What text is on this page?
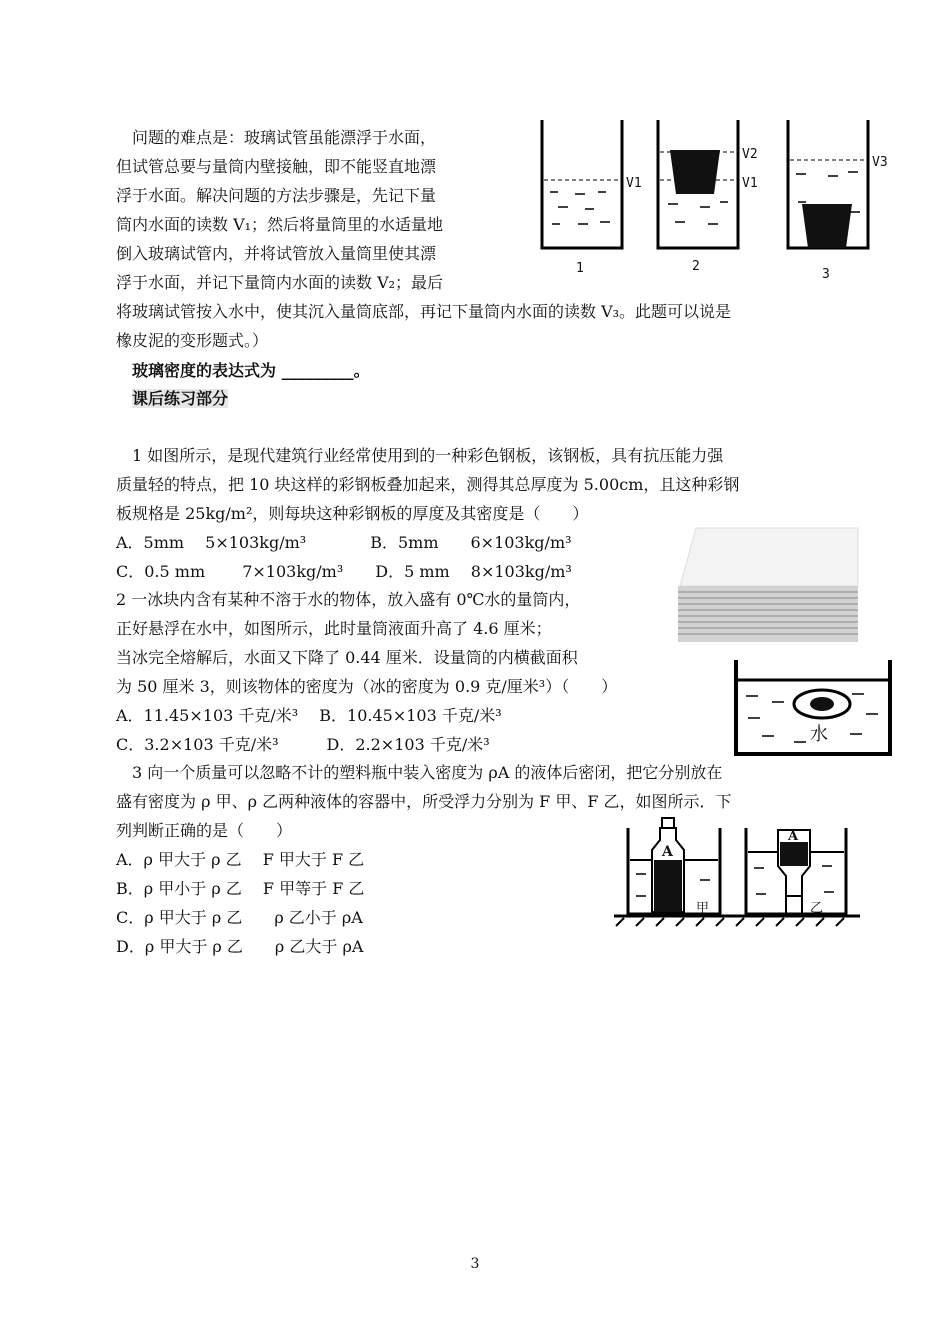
　问题的难点是：玻璃试管虽能漂浮于水面，
但试管总要与量筒内壁接触，即不能竖直地漂
浮于水面。解决问题的方法步骤是，先记下量
筒内水面的读数 V₁；然后将量筒里的水适量地
倒入玻璃试管内，并将试管放入量筒里使其漂
浮于水面，并记下量筒内水面的读数 V₂；最后
将玻璃试管按入水中，使其沉入量筒底部，再记下量筒内水面的读数 V₃。此题可以说是
橡皮泥的变形题式。）
　玻璃密度的表达式为 _________。
课后练习部分
V1
V2
V1
V3
1	2
3
　1 如图所示，是现代建筑行业经常使用到的一种彩色钢板，该钢板，具有抗压能力强
质量轻的特点，把 10 块这样的彩钢板叠加起来，测得其总厚度为 5.00cm，且这种彩钢
板规格是 25kg/m²，则每块这种彩钢板的厚度及其密度是（　　）
A．5mm　 5×103kg/m³　　　　B．5mm　　6×103kg/m³
C．0.5 mm　　 7×103kg/m³　　D．5 mm　 8×103kg/m³
2 一冰块内含有某种不溶于水的物体，放入盛有 0℃水的量筒内，
正好悬浮在水中，如图所示，此时量筒液面升高了 4.6 厘米；
当冰完全熔解后，水面又下降了 0.44 厘米．设量筒的内横截面积
为 50 厘米 3，则该物体的密度为（冰的密度为 0.9 克/厘米³）（　　）
A．11.45×103 千克/米³　 B．10.45×103 千克/米³
C．3.2×103 千克/米³　　　D．2.2×103 千克/米³	水
　3 向一个质量可以忽略不计的塑料瓶中装入密度为 ρA 的液体后密闭，把它分别放在
盛有密度为 ρ 甲、ρ 乙两种液体的容器中，所受浮力分别为 F 甲、F 乙，如图所示．下
列判断正确的是（　　）
A．ρ 甲大于 ρ 乙　 F 甲大于 F 乙
B．ρ 甲小于 ρ 乙　 F 甲等于 F 乙
C．ρ 甲大于 ρ 乙　　ρ 乙小于 ρA
D．ρ 甲大于 ρ 乙　　ρ 乙大于 ρA
A
甲
A
乙
3
